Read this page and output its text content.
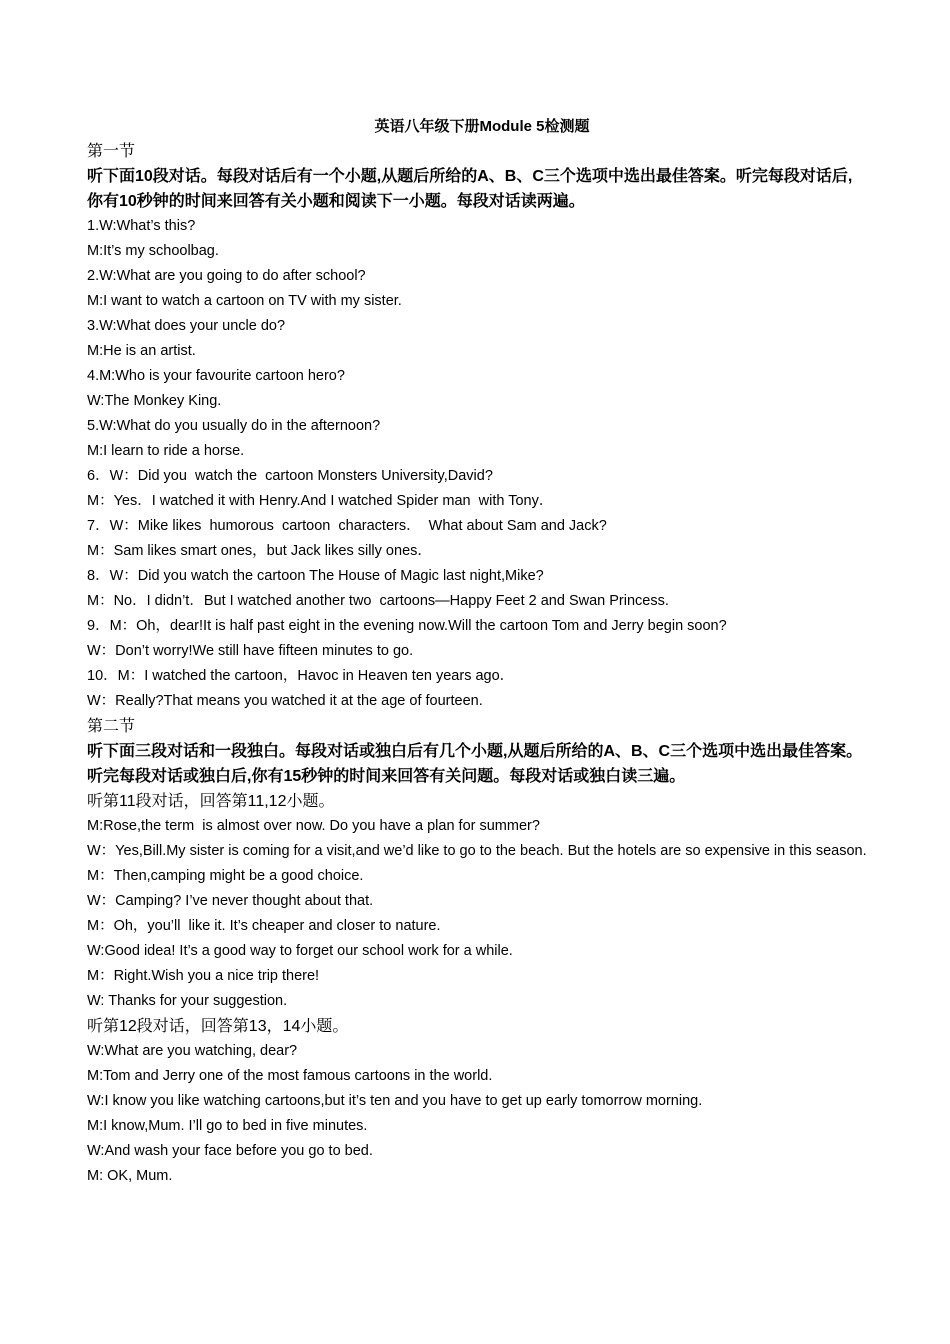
英语八年级下册Module 5检测题

第一节

听下面10段对话。每段对话后有一个小题,从题后所给的A、B、C三个选项中选出最佳答案。听完每段对话后,你有10秒钟的时间来回答有关小题和阅读下一小题。每段对话读两遍。

1.W:What’s this?

M:It’s my schoolbag.

2.W:What are you going to do after school?

M:I want to watch a cartoon on TV with my sister.

3.W:What does your uncle do?

M:He is an artist.

4.M:Who is your favourite cartoon hero?

W:The Monkey King.

5.W:What do you usually do in the afternoon?

M:I learn to ride a horse.

6．W：Did you  watch the  cartoon Monsters University,David?

M：Yes．I watched it with Henry.And I watched Spider man  with Tony．

7．W：Mike likes  humorous  cartoon  characters．  What about Sam and Jack?

M：Sam likes smart ones，but Jack likes silly ones．

8．W：Did you watch the cartoon The House of Magic last night,Mike?

M：No．I didn’t．But I watched another two  cartoons—Happy Feet 2 and Swan Princess.

9．M：Oh，dear!It is half past eight in the evening now.Will the cartoon Tom and Jerry begin soon?

W：Don’t worry!We still have fifteen minutes to go.

10．M：I watched the cartoon，Havoc in Heaven ten years ago．

W：Really?That means you watched it at the age of fourteen.

第二节

听下面三段对话和一段独白。每段对话或独白后有几个小题,从题后所给的A、B、C三个选项中选出最佳答案。听完每段对话或独白后,你有15秒钟的时间来回答有关问题。每段对话或独白读三遍。

听第11段对话，回答第11,12小题。

M:Rose,the term  is almost over now. Do you have a plan for summer?

W：Yes,Bill.My sister is coming for a visit,and we’d like to go to the beach. But the hotels are so expensive in this season.

M：Then,camping might be a good choice.

W：Camping? I’ve never thought about that.

M：Oh，you’ll  like it. It’s cheaper and closer to nature.

W:Good idea! It’s a good way to forget our school work for a while.

M：Right.Wish you a nice trip there!

W: Thanks for your suggestion.

听第12段对话，回答第13，14小题。

W:What are you watching, dear?

M:Tom and Jerry one of the most famous cartoons in the world.

W:I know you like watching cartoons,but it’s ten and you have to get up early tomorrow morning.

M:I know,Mum. I’ll go to bed in five minutes.

W:And wash your face before you go to bed.

M: OK, Mum.
